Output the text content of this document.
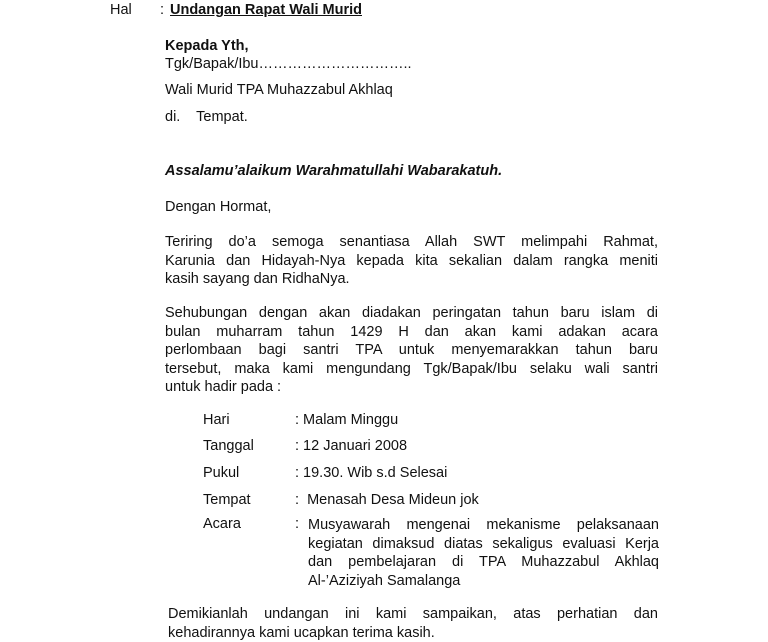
Hal : Undangan Rapat Wali Murid
Kepada Yth,
Tgk/Bapak/Ibu…………………………..
Wali Murid TPA Muhazzabul Akhlaq
di.    Tempat.
Assalamu’alaikum Warahmatullahi Wabarakatuh.
Dengan Hormat,
Teriring do’a semoga senantiasa Allah SWT melimpahi Rahmat,
Karunia dan Hidayah-Nya kepada kita sekalian dalam rangka meniti
kasih sayang dan RidhaNya.
Sehubungan dengan akan diadakan peringatan tahun baru islam di
bulan muharram tahun 1429 H dan akan kami adakan acara
perlombaan bagi santri TPA untuk menyemarakkan tahun baru
tersebut, maka kami mengundang Tgk/Bapak/Ibu selaku wali santri
untuk hadir pada :
Hari	: Malam Minggu
Tanggal	: 12 Januari 2008
Pukul	: 19.30. Wib s.d Selesai
Tempat	:  Menasah Desa Mideun jok
Acara	: Musyawarah mengenai mekanisme pelaksanaan
kegiatan dimaksud diatas sekaligus evaluasi Kerja
dan pembelajaran di TPA Muhazzabul Akhlaq
Al-’Aziziyah Samalanga
Demikianlah undangan ini kami sampaikan, atas perhatian dan
kehadirannya kami ucapkan terima kasih.
